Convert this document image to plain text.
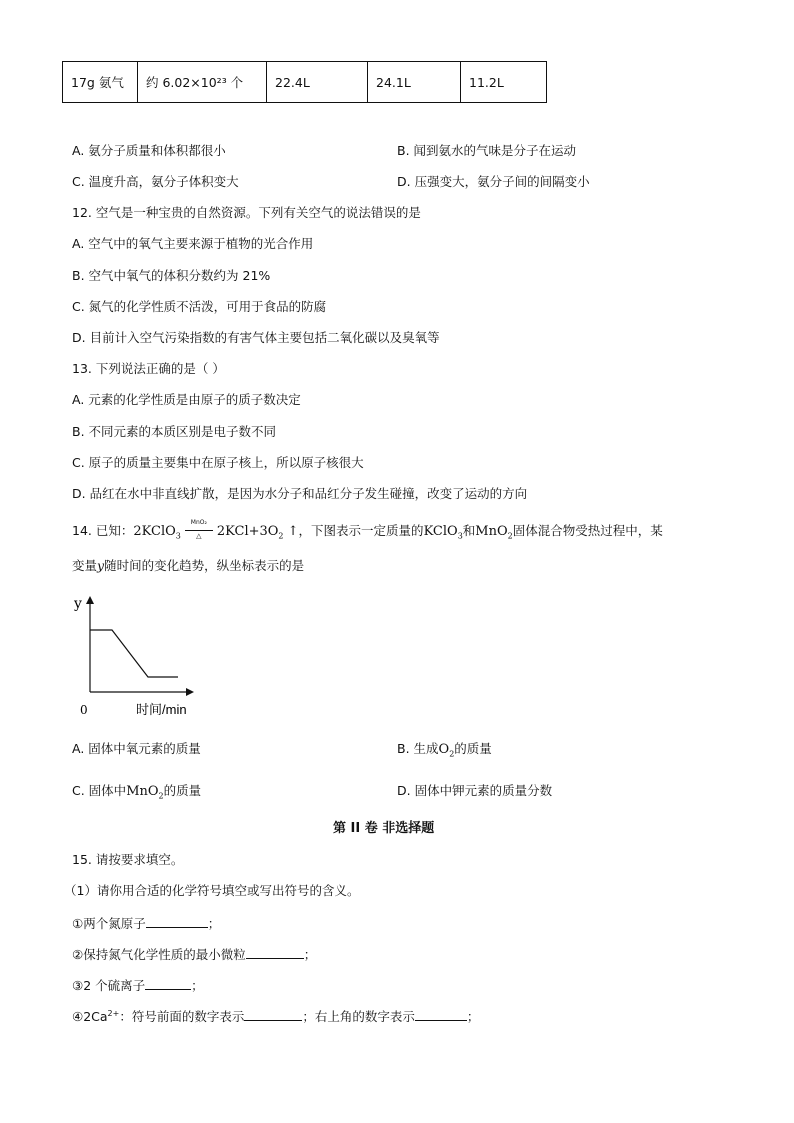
17g 氨气	约 6.02×10²³ 个	22.4L	24.1L	11.2L
A. 氨分子质量和体积都很小	B. 闻到氨水的气味是分子在运动
C. 温度升高，氨分子体积变大	D. 压强变大，氨分子间的间隔变小
12. 空气是一种宝贵的自然资源。下列有关空气的说法错误的是
A. 空气中的氧气主要来源于植物的光合作用
B. 空气中氧气的体积分数约为 21%
C. 氮气的化学性质不活泼，可用于食品的防腐
D. 目前计入空气污染指数的有害气体主要包括二氧化碳以及臭氧等
13. 下列说法正确的是（ ）
A. 元素的化学性质是由原子的质子数决定
B. 不同元素的本质区别是电子数不同
C. 原子的质量主要集中在原子核上，所以原子核很大
D. 品红在水中非直线扩散，是因为水分子和品红分子发生碰撞，改变了运动的方向
14. 已知：2KClO$_3$
MnO₂
△	$2KCl+3O_2$ ↑，下图表示一定质量的KClO$_3$和MnO$_2$固体混合物受热过程中，某
变量y随时间的变化趋势，纵坐标表示的是
y
0	时间/min
A. 固体中氧元素的质量	B. 生成$O_2$的质量
C. 固体中MnO$_2$的质量	D. 固体中钾元素的质量分数
第 II 卷 非选择题
15. 请按要求填空。
（1）请你用合适的化学符号填空或写出符号的含义。
①两个氮原子	；
②保持氮气化学性质的最小微粒	；
③2 个硫离子	；
$④2Ca^{2+}$：符号前面的数字表示	；右上角的数字表示	；
